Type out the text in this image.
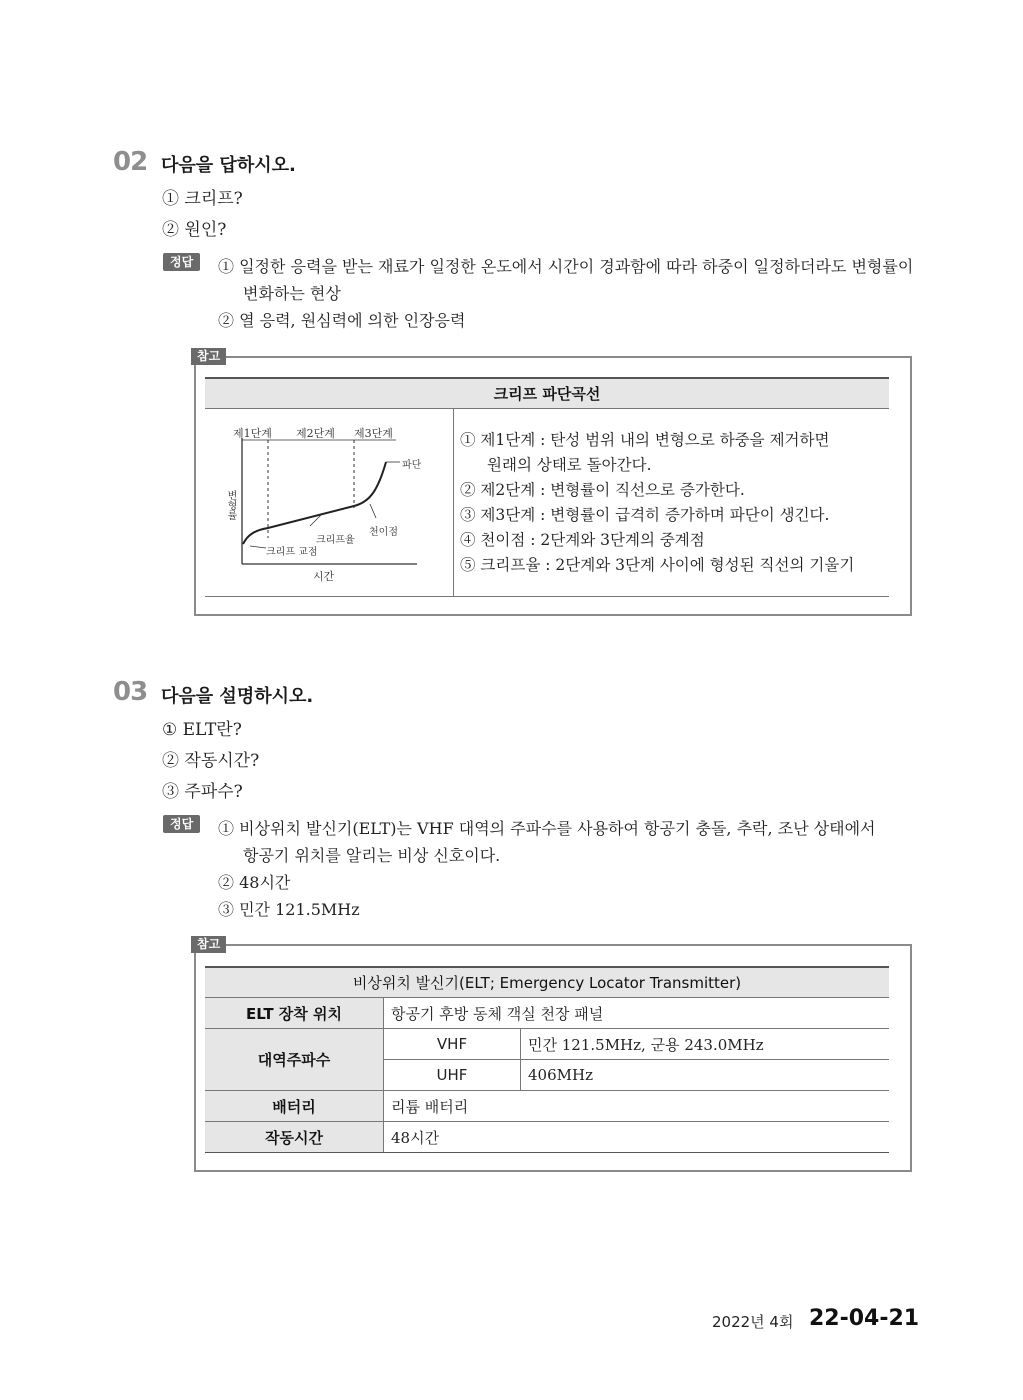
02 다음을 답하시오.
① 크리프?
② 원인?
정답	① 일정한 응력을 받는 재료가 일정한 온도에서 시간이 경과함에 따라 하중이 일정하더라도 변형률이
변화하는 현상
② 열 응력, 원심력에 의한 인장응력
참고
크리프 파단곡선
제1단계 제2단계 제3단계
파단
변형률
시간
크리프율
천이점
크리프 교점
① 제1단계 : 탄성 범위 내의 변형으로 하중을 제거하면
원래의 상태로 돌아간다.
② 제2단계 : 변형률이 직선으로 증가한다.
③ 제3단계 : 변형률이 급격히 증가하며 파단이 생긴다.
④ 천이점 : 2단계와 3단계의 중계점
⑤ 크리프율 : 2단계와 3단계 사이에 형성된 직선의 기울기
03 다음을 설명하시오.
① ELT란?
② 작동시간?
③ 주파수?
정답	① 비상위치 발신기(ELT)는 VHF 대역의 주파수를 사용하여 항공기 충돌, 추락, 조난 상태에서
항공기 위치를 알리는 비상 신호이다.
② 48시간
③ 민간 121.5MHz
참고
비상위치 발신기(ELT; Emergency Locator Transmitter)
ELT 장착 위치	항공기 후방 동체 객실 천장 패널
대역주파수
VHF	민간 121.5MHz, 군용 243.0MHz
UHF	406MHz
배터리	리튬 배터리
작동시간	48시간
2022년 4회 22-04-21
